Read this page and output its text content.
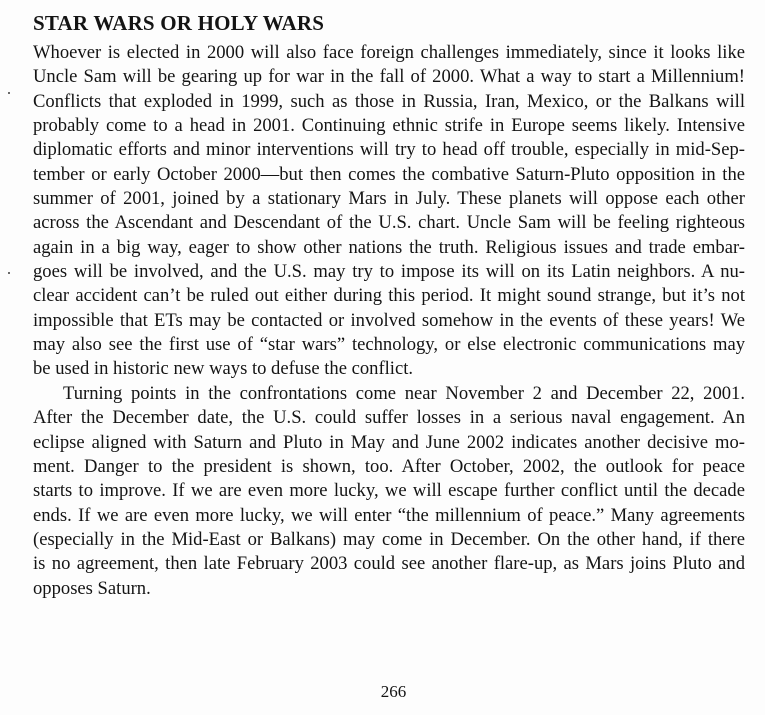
STAR WARS OR HOLY WARS
Whoever is elected in 2000 will also face foreign challenges immediately, since it looks like
Uncle Sam will be gearing up for war in the fall of 2000. What a way to start a Millennium!
Conflicts that exploded in 1999, such as those in Russia, Iran, Mexico, or the Balkans will
probably come to a head in 2001. Continuing ethnic strife in Europe seems likely. Intensive
diplomatic efforts and minor interventions will try to head off trouble, especially in mid-Sep-
tember or early October 2000—but then comes the combative Saturn-Pluto opposition in the
summer of 2001, joined by a stationary Mars in July. These planets will oppose each other
across the Ascendant and Descendant of the U.S. chart. Uncle Sam will be feeling righteous
again in a big way, eager to show other nations the truth. Religious issues and trade embar-
goes will be involved, and the U.S. may try to impose its will on its Latin neighbors. A nu-
clear accident can’t be ruled out either during this period. It might sound strange, but it’s not
impossible that ETs may be contacted or involved somehow in the events of these years! We
may also see the first use of “star wars” technology, or else electronic communications may
be used in historic new ways to defuse the conflict.
Turning points in the confrontations come near November 2 and December 22, 2001.
After the December date, the U.S. could suffer losses in a serious naval engagement. An
eclipse aligned with Saturn and Pluto in May and June 2002 indicates another decisive mo-
ment. Danger to the president is shown, too. After October, 2002, the outlook for peace
starts to improve. If we are even more lucky, we will escape further conflict until the decade
ends. If we are even more lucky, we will enter “the millennium of peace.” Many agreements
(especially in the Mid-East or Balkans) may come in December. On the other hand, if there
is no agreement, then late February 2003 could see another flare-up, as Mars joins Pluto and
opposes Saturn.
266
